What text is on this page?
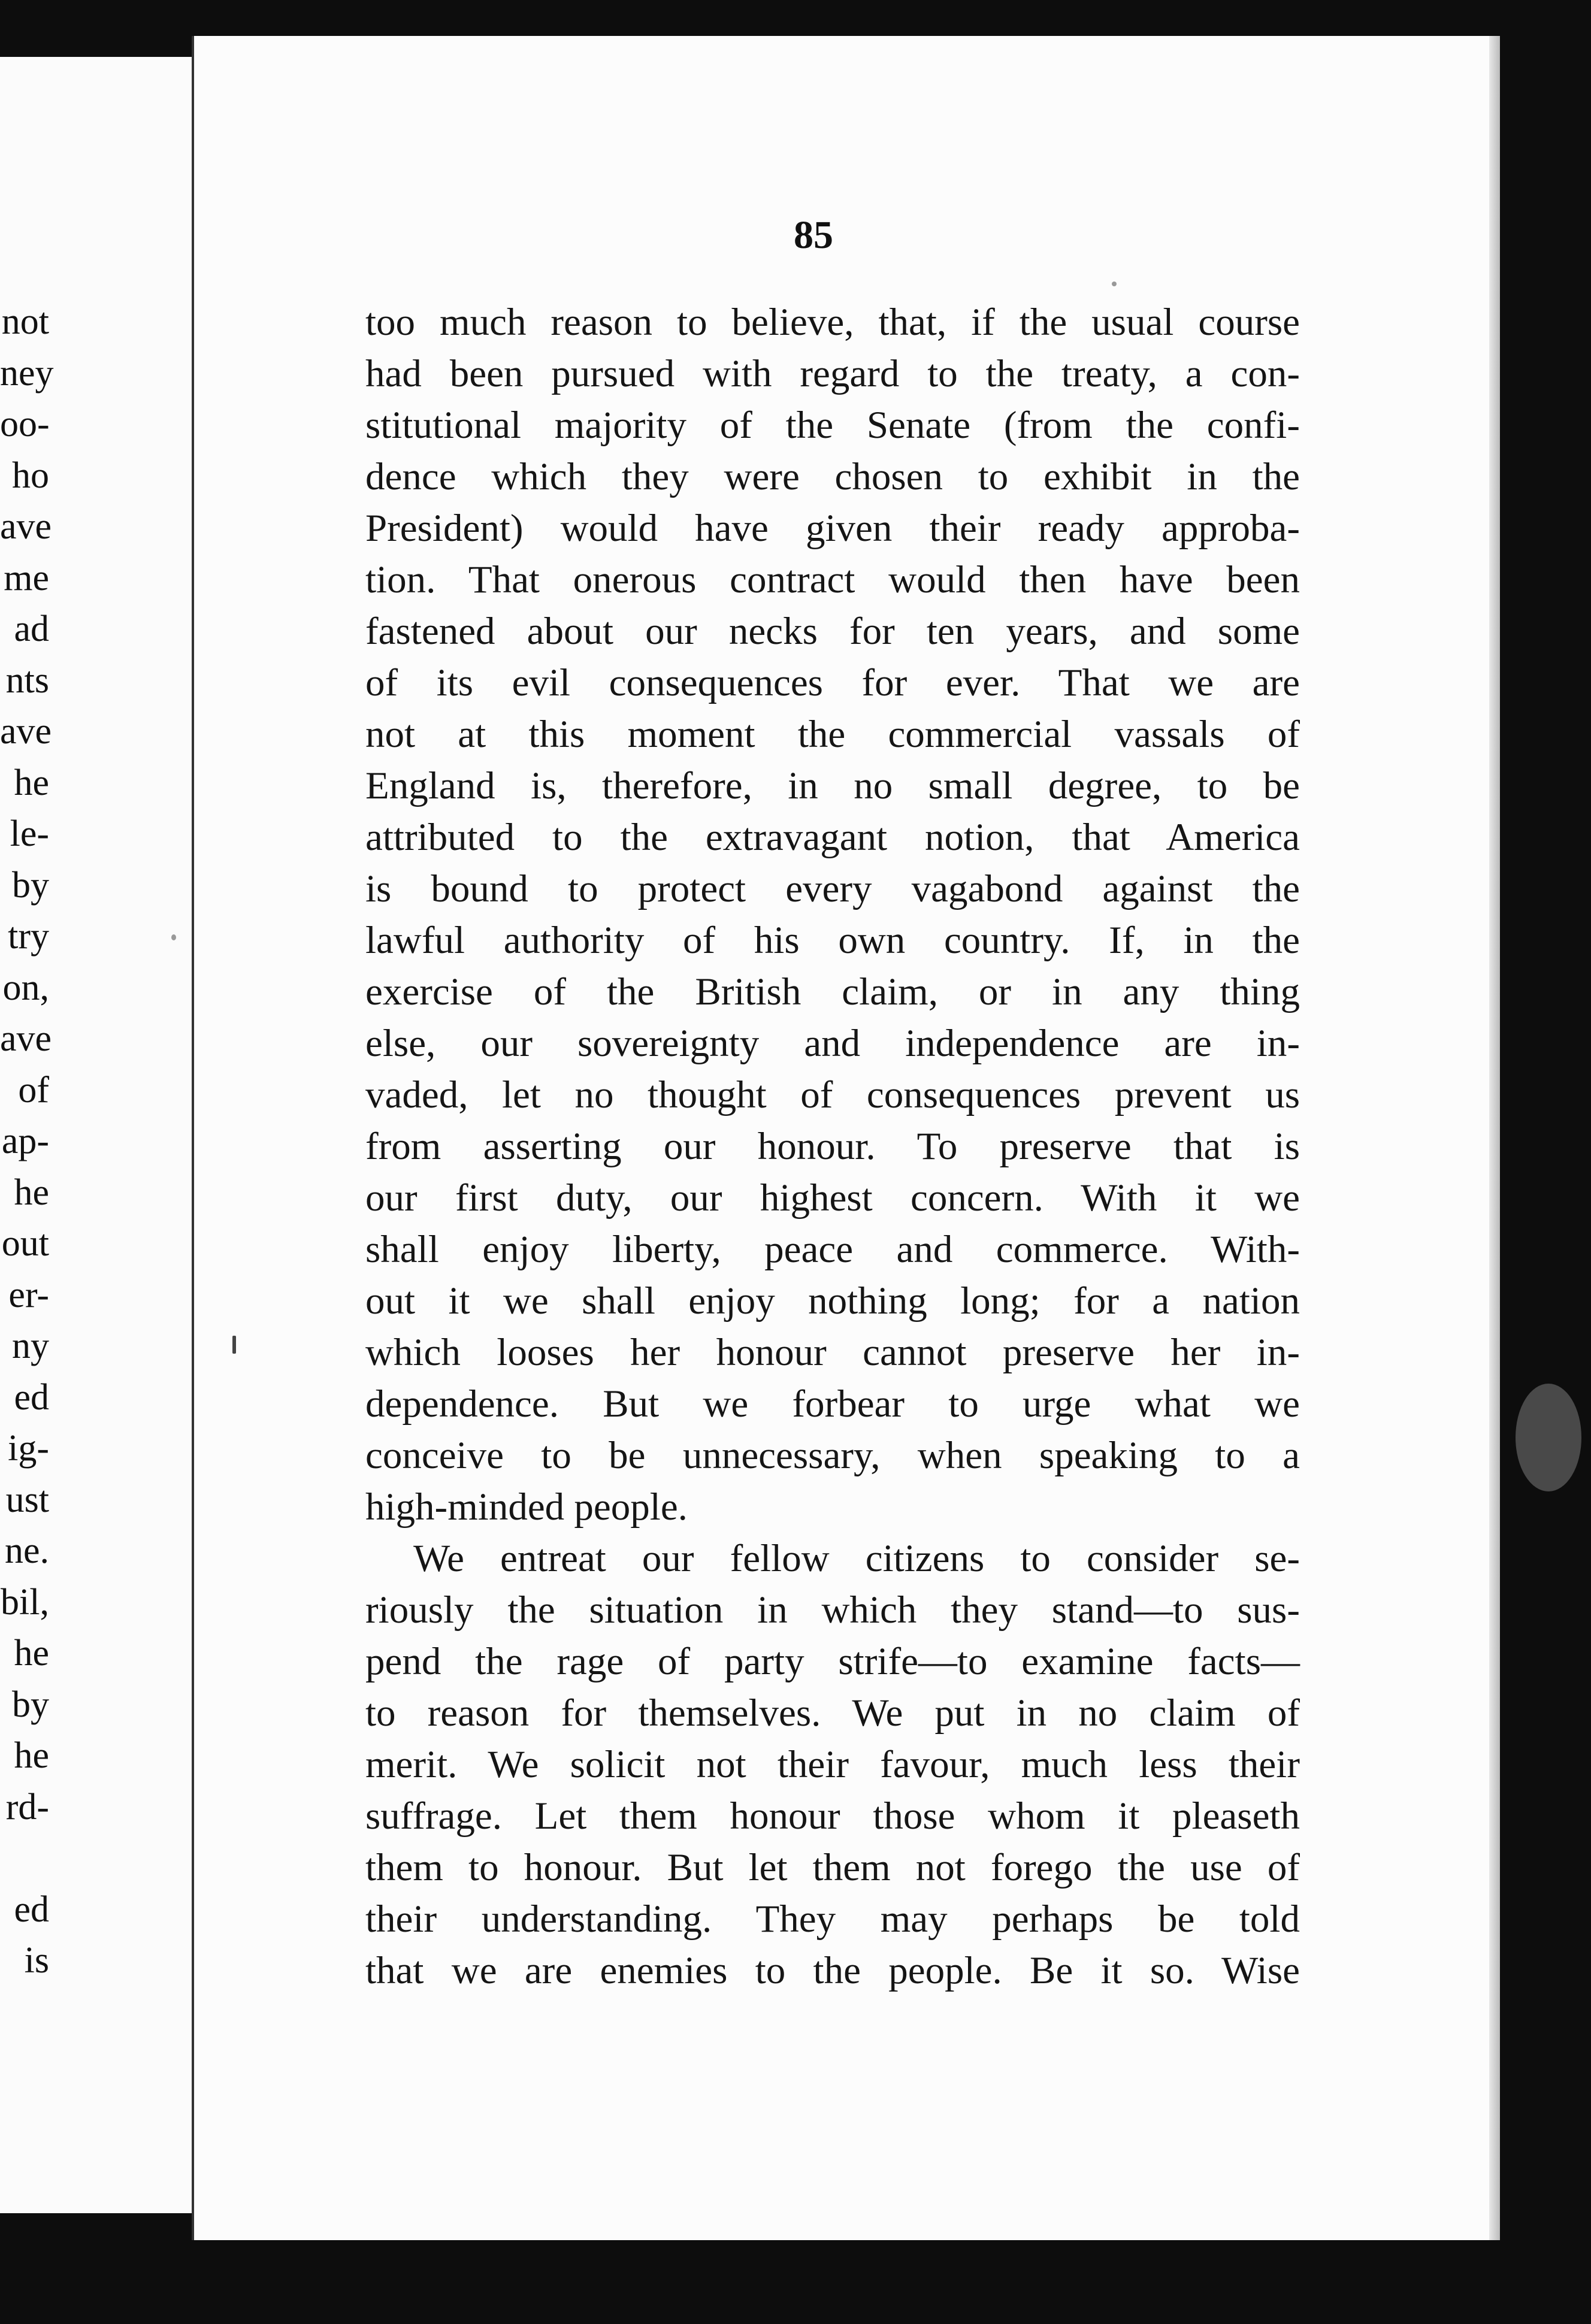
not
ney
oo-
ho
ave
me
ad
nts
ave
he
le-
by
try
on,
ave
of
ap-
he
out
er-
ny
ed
ig-
ust
ne.
bil,
he
by
he
rd-
ed
is
85
too much reason to believe, that, if the usual course
had been pursued with regard to the treaty, a con-
stitutional majority of the Senate (from the confi-
dence which they were chosen to exhibit in the
President) would have given their ready approba-
tion. That onerous contract would then have been
fastened about our necks for ten years, and some
of its evil consequences for ever. That we are
not at this moment the commercial vassals of
England is, therefore, in no small degree, to be
attributed to the extravagant notion, that America
is bound to protect every vagabond against the
lawful authority of his own country. If, in the
exercise of the British claim, or in any thing
else, our sovereignty and independence are in-
vaded, let no thought of consequences prevent us
from asserting our honour. To preserve that is
our first duty, our highest concern. With it we
shall enjoy liberty, peace and commerce. With-
out it we shall enjoy nothing long; for a nation
which looses her honour cannot preserve her in-
dependence. But we forbear to urge what we
conceive to be unnecessary, when speaking to a
high-minded people.
We entreat our fellow citizens to consider se-
riously the situation in which they stand—to sus-
pend the rage of party strife—to examine facts—
to reason for themselves. We put in no claim of
merit. We solicit not their favour, much less their
suffrage. Let them honour those whom it pleaseth
them to honour. But let them not forego the use of
their understanding. They may perhaps be told
that we are enemies to the people. Be it so. Wise
